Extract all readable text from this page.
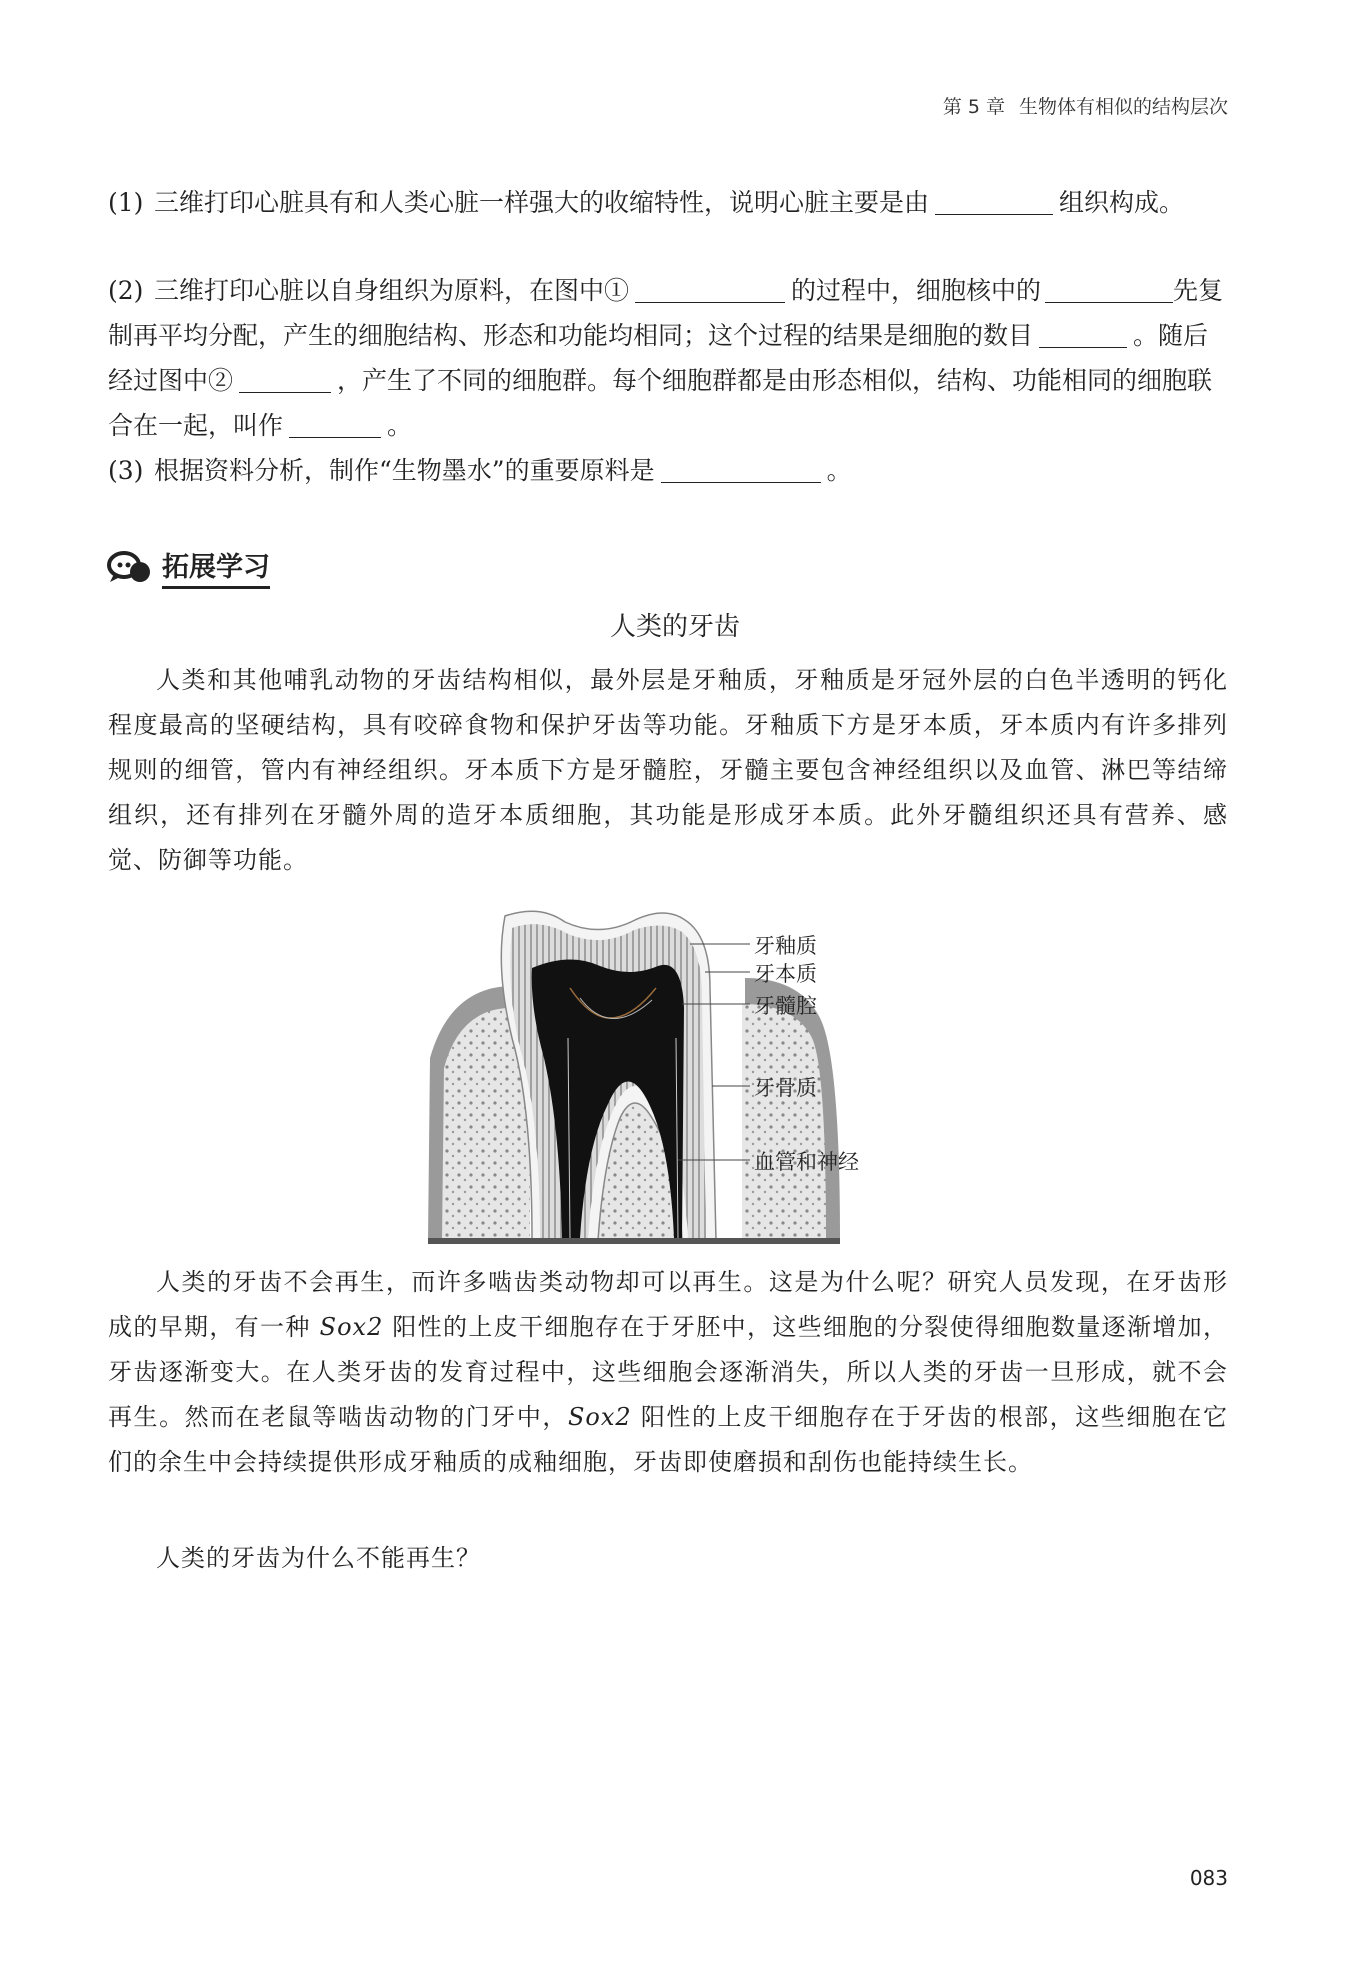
第 5 章 生物体有相似的结构层次
(1) 三维打印心脏具有和人类心脏一样强大的收缩特性，说明心脏主要是由	组织构成。
(2) 三维打印心脏以自身组织为原料，在图中①	的过程中，细胞核中的	先复制再平均分配，产生的细胞结构、形态和功能均相同；这个过程的结果是细胞的数目	。随后经过图中②	，产生了不同的细胞群。每个细胞群都是由形态相似，结构、功能相同的细胞联合在一起，叫作	。
(3) 根据资料分析，制作“生物墨水”的重要原料是	。
拓展学习
人类的牙齿
人类和其他哺乳动物的牙齿结构相似，最外层是牙釉质，牙釉质是牙冠外层的白色半透明的钙化程度最高的坚硬结构，具有咬碎食物和保护牙齿等功能。牙釉质下方是牙本质，牙本质内有许多排列规则的细管，管内有神经组织。牙本质下方是牙髓腔，牙髓主要包含神经组织以及血管、淋巴等结缔组织，还有排列在牙髓外周的造牙本质细胞，其功能是形成牙本质。此外牙髓组织还具有营养、感觉、防御等功能。
牙釉质
牙本质
牙髓腔
牙骨质
血管和神经
人类的牙齿不会再生，而许多啮齿类动物却可以再生。这是为什么呢？研究人员发现，在牙齿形成的早期，有一种 Sox2 阳性的上皮干细胞存在于牙胚中，这些细胞的分裂使得细胞数量逐渐增加，牙齿逐渐变大。在人类牙齿的发育过程中，这些细胞会逐渐消失，所以人类的牙齿一旦形成，就不会再生。然而在老鼠等啮齿动物的门牙中，Sox2 阳性的上皮干细胞存在于牙齿的根部，这些细胞在它们的余生中会持续提供形成牙釉质的成釉细胞，牙齿即使磨损和刮伤也能持续生长。
人类的牙齿为什么不能再生？
083
